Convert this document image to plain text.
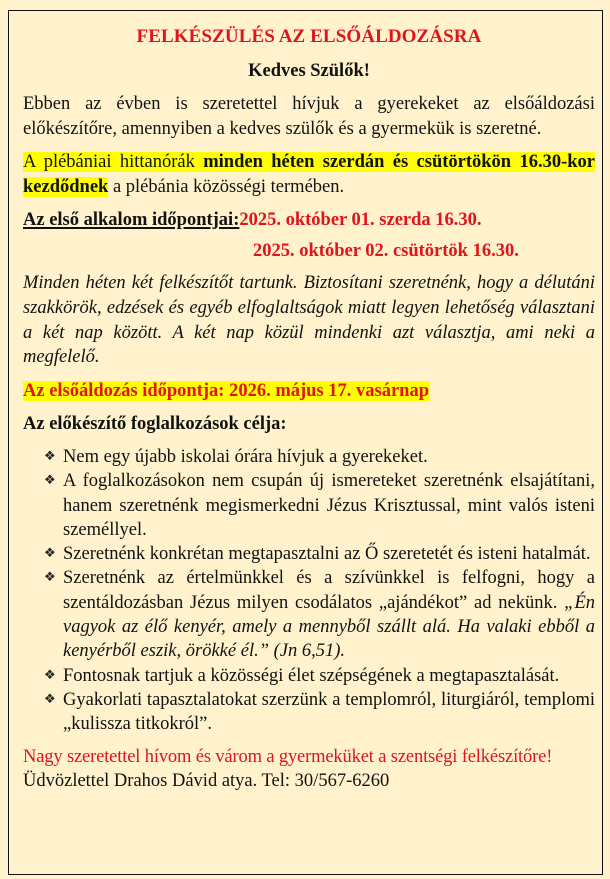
FELKÉSZÜLÉS AZ ELSŐÁLDOZÁSRA
Kedves Szülők!

Ebben az évben is szeretettel hívjuk a gyerekeket az elsőáldozási előkészítőre, amennyiben a kedves szülők és a gyermekük is szeretné.

A plébániai hittanórák minden héten szerdán és csütörtökön 16.30-kor kezdődnek a plébánia közösségi termében.

Az első alkalom időpontjai:2025. október 01. szerda 16.30.
2025. október 02. csütörtök 16.30.

Minden héten két felkészítőt tartunk. Biztosítani szeretnénk, hogy a délutáni szakkörök, edzések és egyéb elfoglaltságok miatt legyen lehetőség választani a két nap között. A két nap közül mindenki azt választja, ami neki a megfelelő.

Az elsőáldozás időpontja: 2026. május 17. vasárnap

Az előkészítő foglalkozások célja:

❖ Nem egy újabb iskolai órára hívjuk a gyerekeket.
❖ A foglalkozásokon nem csupán új ismereteket szeretnénk elsajátítani, hanem szeretnénk megismerkedni Jézus Krisztussal, mint valós isteni személlyel.
❖ Szeretnénk konkrétan megtapasztalni az Ő szeretetét és isteni hatalmát.
❖ Szeretnénk az értelmünkkel és a szívünkkel is felfogni, hogy a szentáldozásban Jézus milyen csodálatos „ajándékot” ad nekünk. „Én vagyok az élő kenyér, amely a mennyből szállt alá. Ha valaki ebből a kenyérből eszik, örökké él.” (Jn 6,51).
❖ Fontosnak tartjuk a közösségi élet szépségének a megtapasztalását.
❖ Gyakorlati tapasztalatokat szerzünk a templomról, liturgiáról, templomi „kulissza titkokról”.

Nagy szeretettel hívom és várom a gyermeküket a szentségi felkészítőre!

Üdvözlettel Drahos Dávid atya. Tel: 30/567-6260
